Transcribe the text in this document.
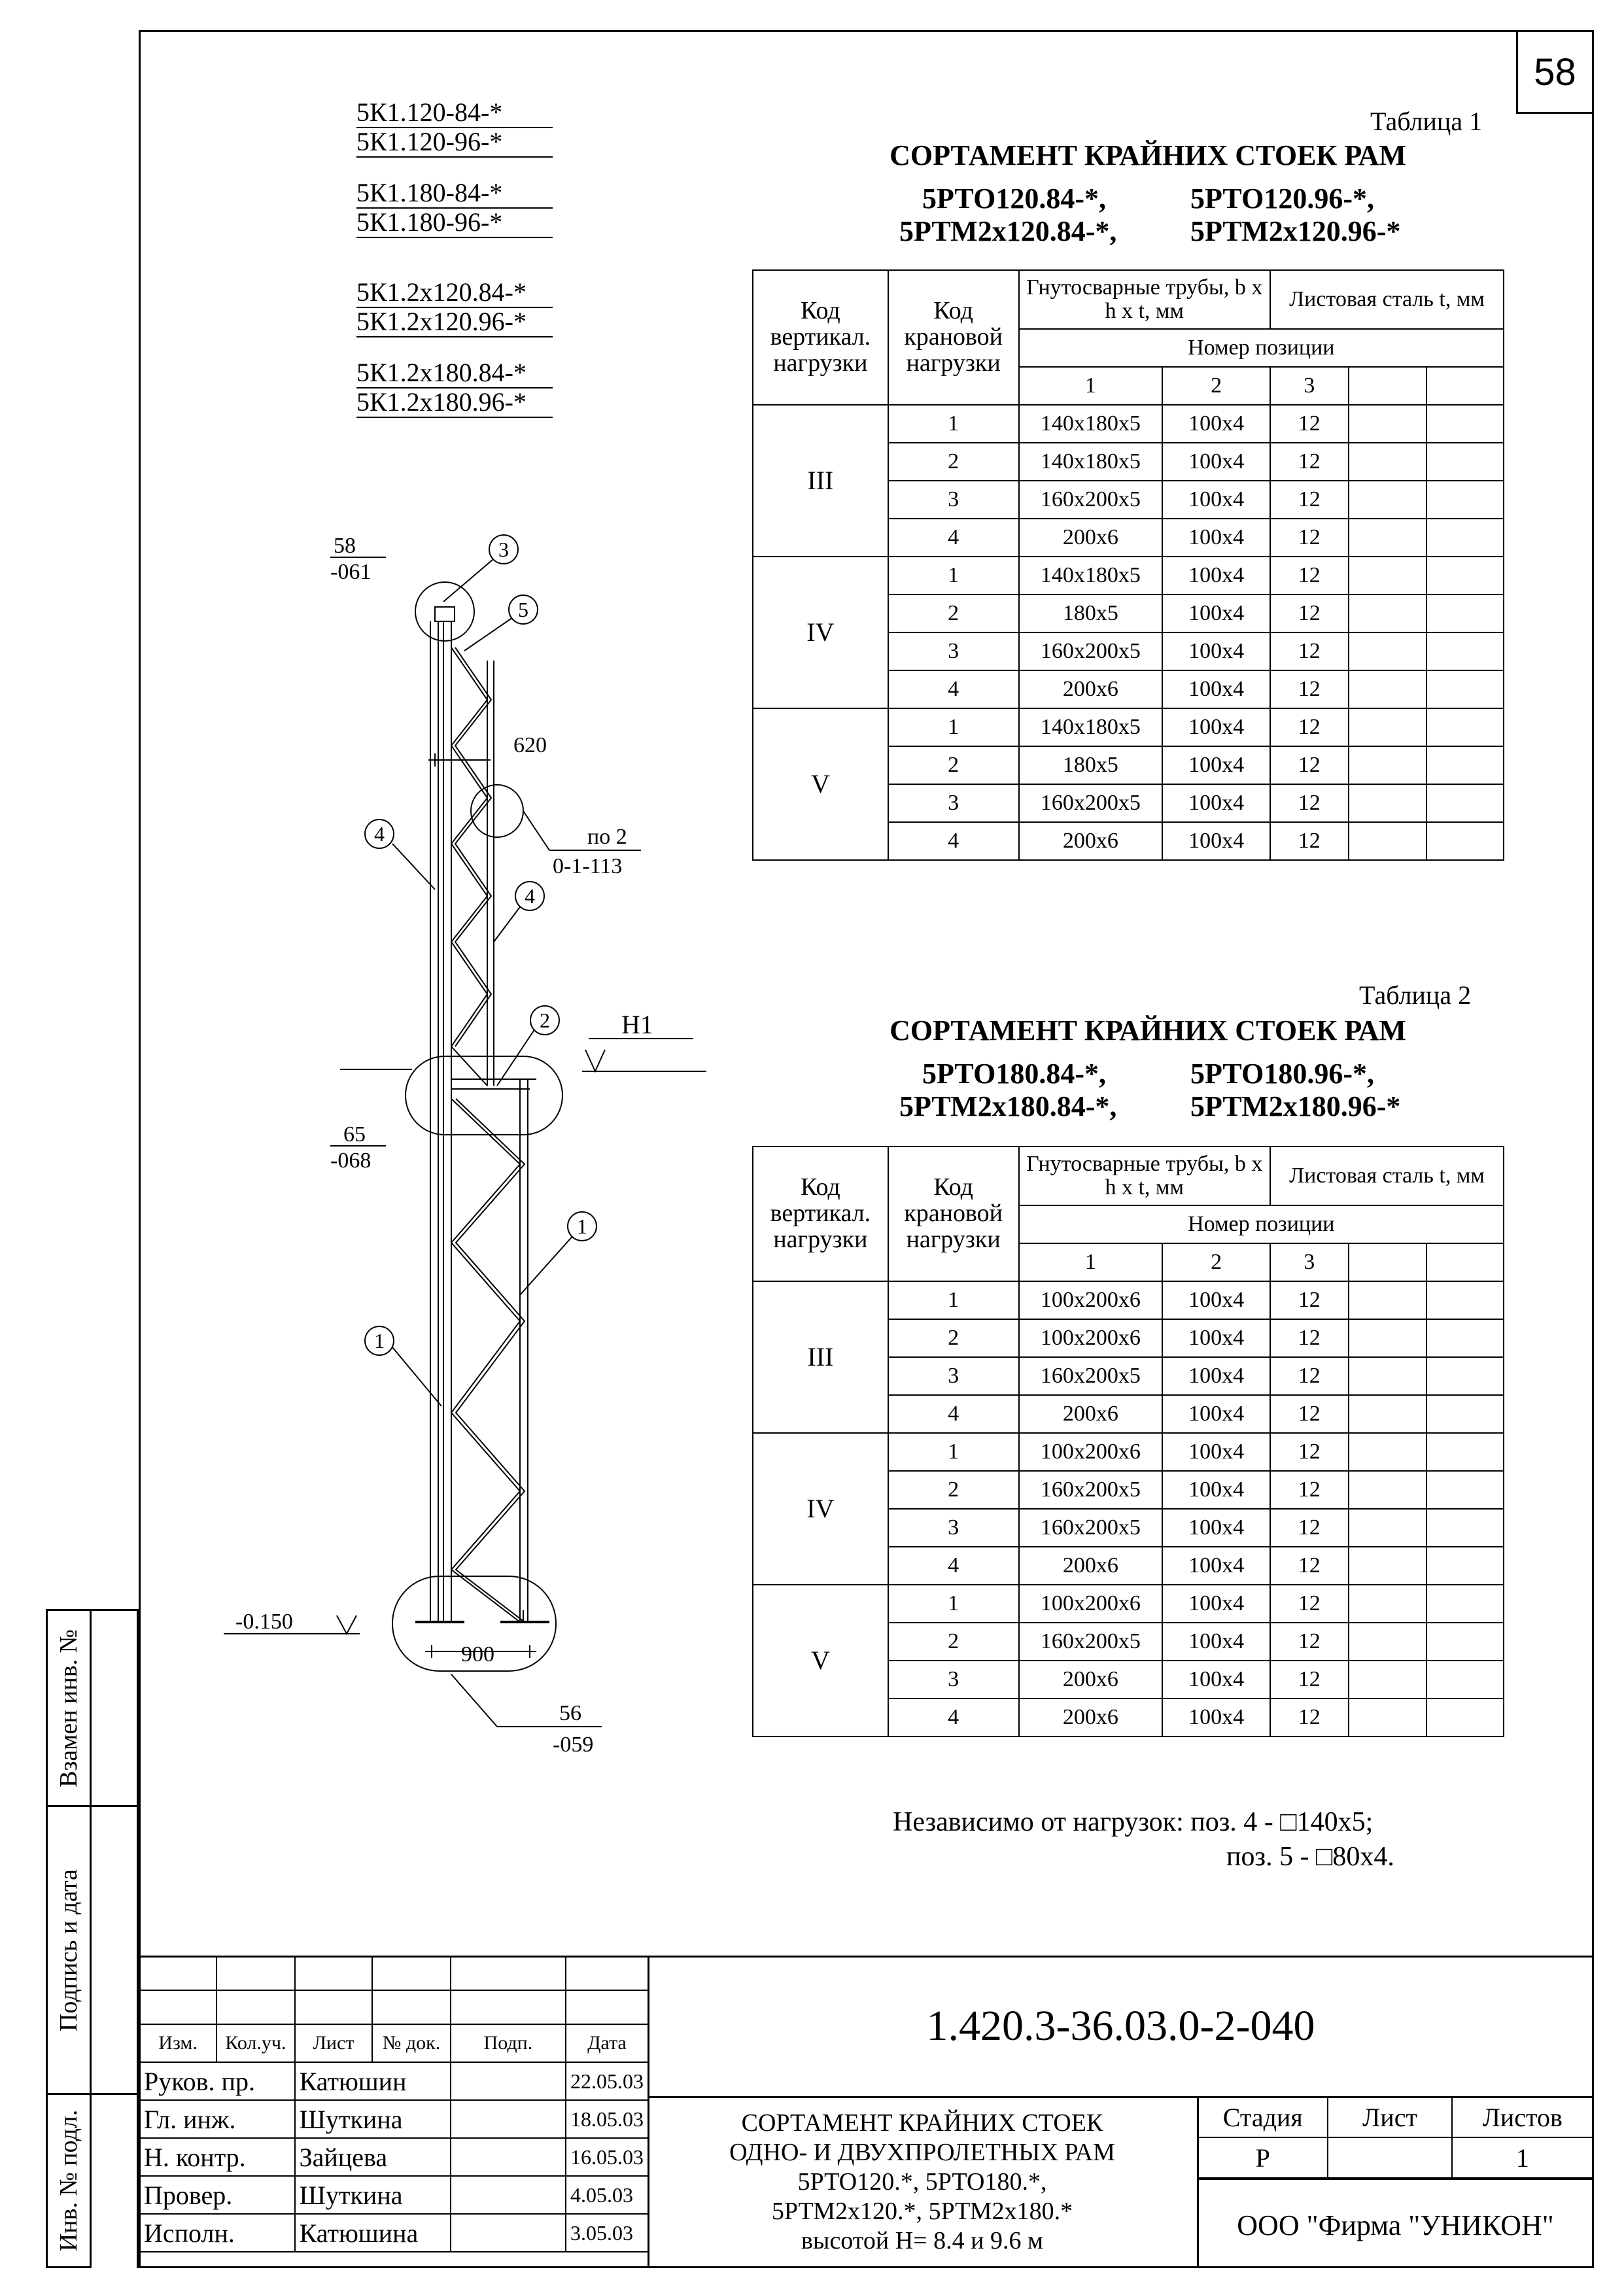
58
5К1.120-84-*
5К1.120-96-*
5К1.180-84-*
5К1.180-96-*
5К1.2х120.84-*
5К1.2х120.96-*
5К1.2х180.84-*
5К1.2х180.96-*
3
5
4
4
2
1
1
58
-061
620
по 2
0-1-113
H1
65
-068
-0.150
900
56
-059
Таблица 1
СОРТАМЕНТ КРАЙНИХ СТОЕК РАМ
5РТО120.84-*,	5РТО120.96-*,
5РТМ2х120.84-*,	5РТМ2х120.96-*
Код вертикал. нагрузки	Код крановой нагрузки	Гнутосварные трубы, b x h x t, мм		Листовая сталь t, мм		
		Номер позиции				
		1	2	3		
III	1	140х180х5	100х4	12		
	2	140х180х5	100х4	12		
	3	160х200х5	100х4	12		
	4	200х6	100х4	12		
IV	1	140х180х5	100х4	12		
	2	180х5	100х4	12		
	3	160х200х5	100х4	12		
	4	200х6	100х4	12		
V	1	140х180х5	100х4	12		
	2	180х5	100х4	12		
	3	160х200х5	100х4	12		
	4	200х6	100х4	12		
Таблица 2
СОРТАМЕНТ КРАЙНИХ СТОЕК РАМ
5РТО180.84-*,	5РТО180.96-*,
5РТМ2х180.84-*,	5РТМ2х180.96-*
Код вертикал. нагрузки	Код крановой нагрузки	Гнутосварные трубы, b x h x t, мм		Листовая сталь t, мм		
		Номер позиции				
		1	2	3		
III	1	100х200х6	100х4	12		
	2	100х200х6	100х4	12		
	3	160х200х5	100х4	12		
	4	200х6	100х4	12		
IV	1	100х200х6	100х4	12		
	2	160х200х5	100х4	12		
	3	160х200х5	100х4	12		
	4	200х6	100х4	12		
V	1	100х200х6	100х4	12		
	2	160х200х5	100х4	12		
	3	200х6	100х4	12		
	4	200х6	100х4	12		
Независимо от нагрузок: поз. 4 - □140х5;
поз. 5 - □80х4.
Взамен инв. №
Подпись и дата
Инв. № подл.

Изм.	Кол.уч.	Лист	№ док.	Подп.	Дата
Руков. пр.		Катюшин			22.05.03
Гл. инж.		Шуткина			18.05.03
Н. контр.		Зайцева			16.05.03
Провер.		Шуткина			4.05.03
Исполн.		Катюшина			3.05.03
1.420.3-36.03.0-2-040
СОРТАМЕНТ КРАЙНИХ СТОЕК
ОДНО- И ДВУХПРОЛЕТНЫХ РАМ
5РТО120.*, 5РТО180.*,
5РТМ2х120.*, 5РТМ2х180.*
высотой H= 8.4 и 9.6 м
Стадия	Лист	Листов
Р		1
ООО "Фирма "УНИКОН"
